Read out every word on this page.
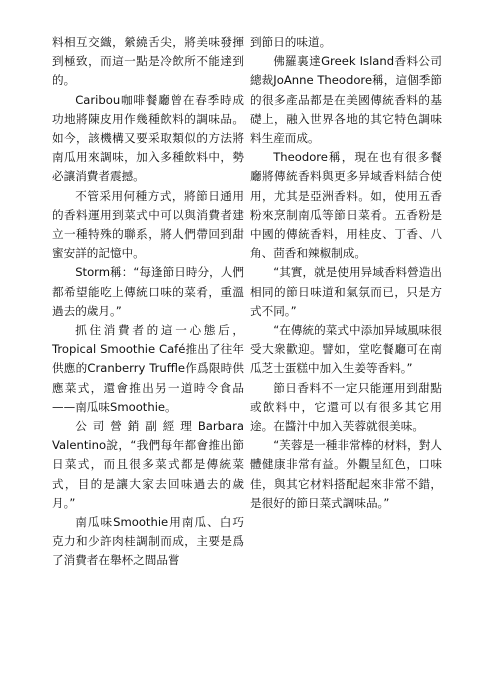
料相互交織，縈繞舌尖，將美味發揮到極致，而這一點是冷飲所不能達到的。

Caribou咖啡餐廳曾在春季時成功地將陳皮用作幾種飲料的調味品。如今，該機構又要采取類似的方法將南瓜用來調味，加入多種飲料中，勢必讓消費者震撼。

不管采用何種方式，將節日通用的香料運用到菜式中可以與消費者建立一種特殊的聯系，將人們帶回到甜蜜安詳的記憶中。

Storm稱：“每逢節日時分，人們都希望能吃上傳統口味的菜肴，重溫過去的歲月。”

抓住消費者的這一心態后，Tropical Smoothie Café推出了往年供應的Cranberry Truffle作爲限時供應菜式，還會推出另一道時令食品——南瓜味Smoothie。

公司營銷副經理Barbara Valentino說，“我們每年都會推出節日菜式，而且很多菜式都是傳統菜式，目的是讓大家去回味過去的歲月。”

南瓜味Smoothie用南瓜、白巧克力和少許肉桂調制而成，主要是爲了消費者在舉杯之間品嘗

到節日的味道。

佛羅裏達Greek Island香料公司總裁JoAnne Theodore稱，這個季節的很多產品都是在美國傳統香料的基礎上，融入世界各地的其它特色調味料生産而成。

Theodore稱，現在也有很多餐廳將傳統香料與更多异域香料結合使用，尤其是亞洲香料。如，使用五香粉來烹制南瓜等節日菜肴。五香粉是中國的傳統香料，用桂皮、丁香、八角、茴香和辣椒制成。

“其實，就是使用异域香料營造出相同的節日味道和氣氛而已，只是方式不同。”

“在傳統的菜式中添加异域風味很受大衆歡迎。譬如，堂吃餐廳可在南瓜芝士蛋糕中加入生姜等香料。”

節日香料不一定只能運用到甜點或飲料中，它還可以有很多其它用途。在醬汁中加入芙蓉就很美味。

“芙蓉是一種非常棒的材料，對人體健康非常有益。外觀呈紅色，口味佳，與其它材料搭配起來非常不錯，是很好的節日菜式調味品。”
